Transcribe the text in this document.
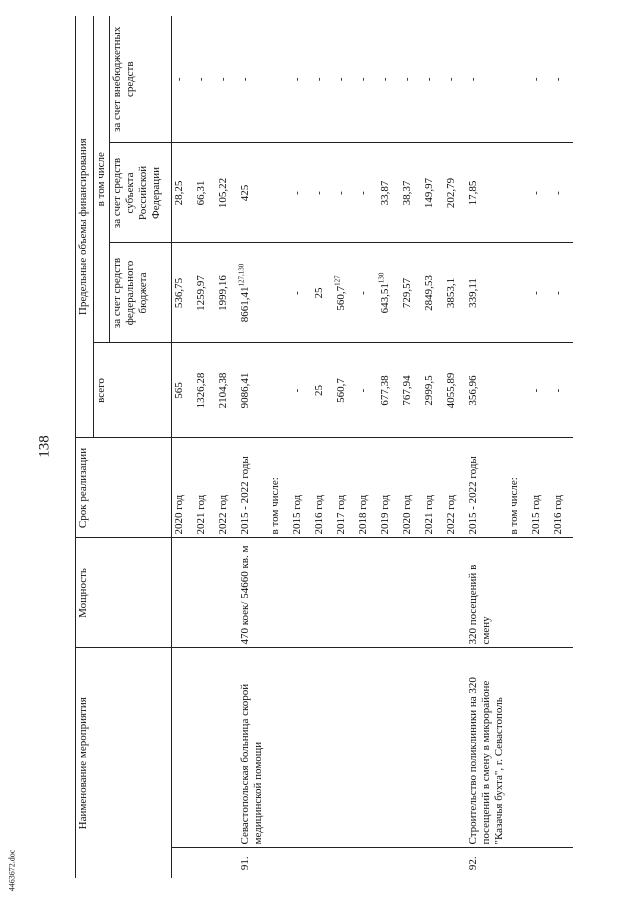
138
4463672.doc
Наименование мероприятия		Мощность	Срок реализации	Предельные объемы финансирования			
				всего	в том числе		
					за счет средств федерального бюджета	за счет средств субъекта Российской Федерации	за счет внебюджетных средств
			2020 год	565	536,75	28,25	-
			2021 год	1326,28	1259,97	66,31	-
			2022 год	2104,38	1999,16	105,22	-
91.	Севастопольская больница скорой медицинской помощи	470 коек/ 54660 кв. м	2015 - 2022 годы	9086,41	8661,41$^{127,130}$	425	-
			в том числе:				
			2015 год	-	-	-	-
			2016 год	25	25	-	-
			2017 год	560,7	560,7$^{127}$	-	-
			2018 год	-	-	-	-
			2019 год	677,38	643,51$^{130}$	33,87	-
			2020 год	767,94	729,57	38,37	-
			2021 год	2999,5	2849,53	149,97	-
			2022 год	4055,89	3853,1	202,79	-
92.	Строительство поликлиники на 320 посещений в смену в микрорайоне "Казачья бухта", г. Севастополь	320 посещений в смену	2015 - 2022 годы	356,96	339,11	17,85	-
			в том числе:				
			2015 год	-	-	-	-
			2016 год	-	-	-	-
